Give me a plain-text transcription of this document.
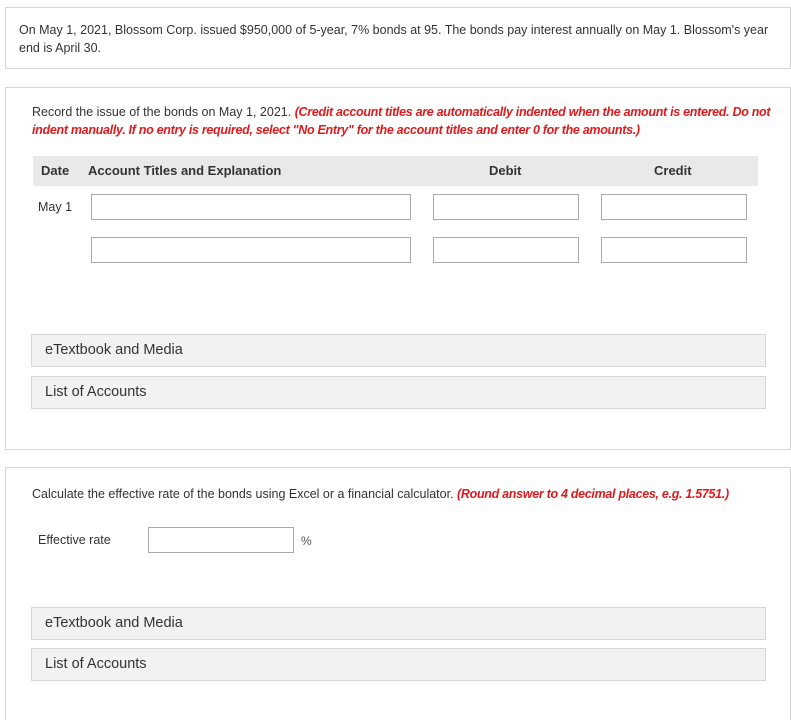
On May 1, 2021, Blossom Corp. issued $950,000 of 5-year, 7% bonds at 95. The bonds pay interest annually on May 1. Blossom's year end is April 30.
Record the issue of the bonds on May 1, 2021. (Credit account titles are automatically indented when the amount is entered. Do not indent manually. If no entry is required, select "No Entry" for the account titles and enter 0 for the amounts.)
Date Account Titles and Explanation	Debit	Credit
May 1
eTextbook and Media
List of Accounts
Calculate the effective rate of the bonds using Excel or a financial calculator. (Round answer to 4 decimal places, e.g. 1.5751.)
Effective rate	%
eTextbook and Media
List of Accounts
